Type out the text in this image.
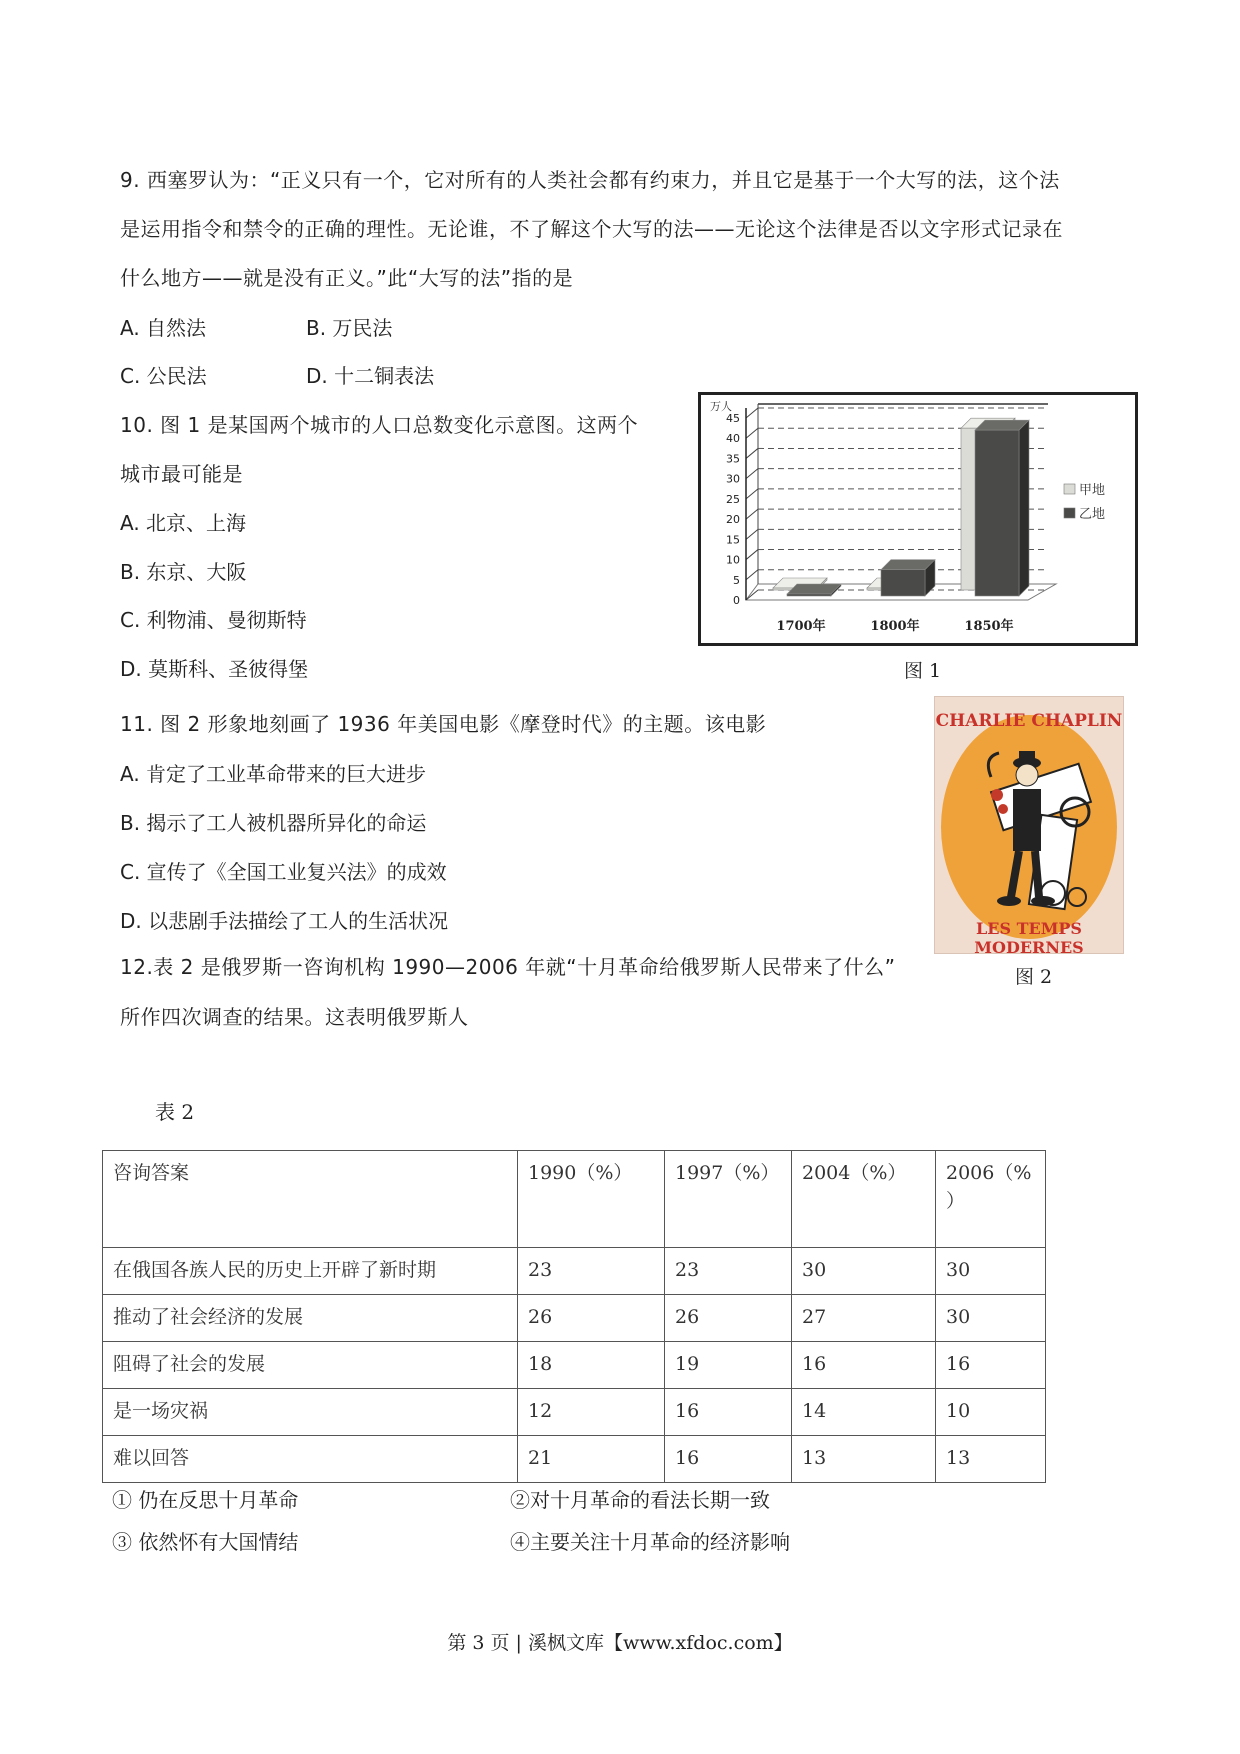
9. 西塞罗认为：“正义只有一个，它对所有的人类社会都有约束力，并且它是基于一个大写的法，这个法
是运用指令和禁令的正确的理性。无论谁，不了解这个大写的法——无论这个法律是否以文字形式记录在
什么地方——就是没有正义。”此“大写的法”指的是
A. 自然法	B. 万民法
C. 公民法	D. 十二铜表法
10. 图 1 是某国两个城市的人口总数变化示意图。这两个
城市最可能是
A. 北京、上海
B. 东京、大阪
C. 利物浦、曼彻斯特
D. 莫斯科、圣彼得堡
0
5
10
15
20
25
30
35
40
45
万人
1700年	1800年	1850年
甲地
乙地
图 1
11. 图 2 形象地刻画了 1936 年美国电影《摩登时代》的主题。该电影
A. 肯定了工业革命带来的巨大进步
B. 揭示了工人被机器所异化的命运
C. 宣传了《全国工业复兴法》的成效
D. 以悲剧手法描绘了工人的生活状况
CHARLIE CHAPLIN
LES TEMPS MODERNES
图 2
12.表 2 是俄罗斯一咨询机构 1990—2006 年就“十月革命给俄罗斯人民带来了什么”
所作四次调查的结果。这表明俄罗斯人
表 2
咨询答案	1990（%）	1997（%）	2004（%）	2006（%
）
在俄国各族人民的历史上开辟了新时期	23	23	30	30
推动了社会经济的发展	26	26	27	30
阻碍了社会的发展	18	19	16	16
是一场灾祸	12	16	14	10
难以回答	21	16	13	13
① 仍在反思十月革命	②对十月革命的看法长期一致
③ 依然怀有大国情结	④主要关注十月革命的经济影响
第 3 页 | 溪枫文库【www.xfdoc.com】
